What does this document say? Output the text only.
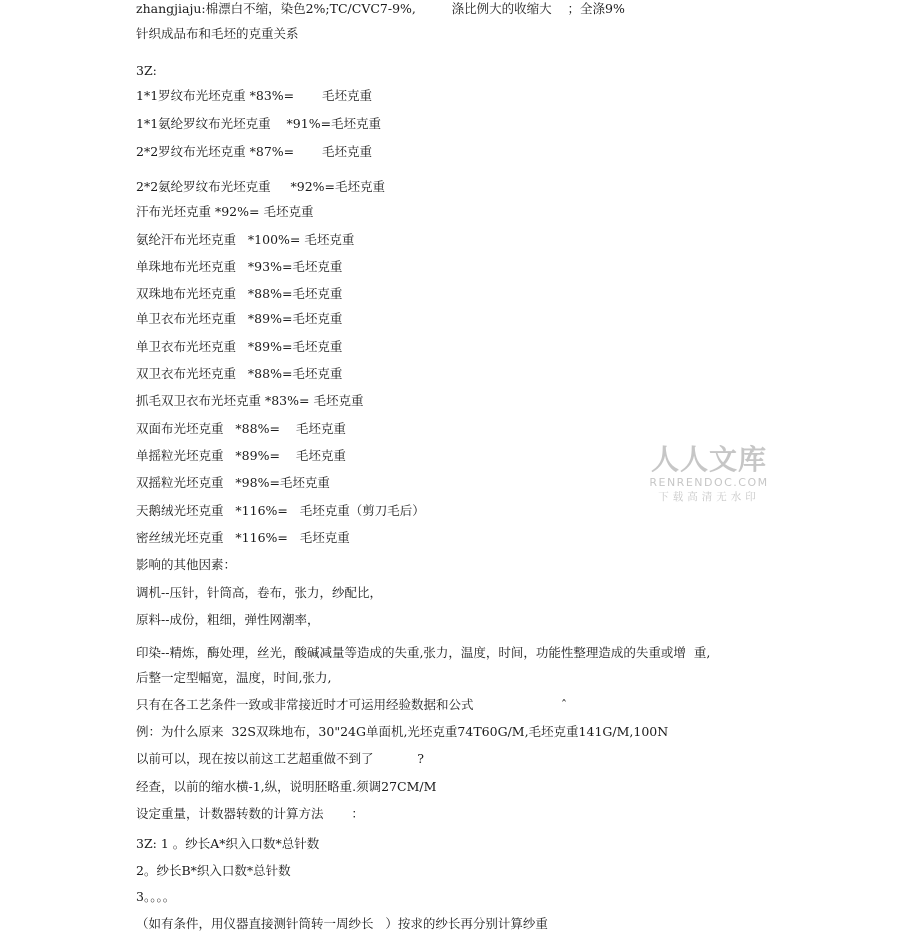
zhangjiaju:棉漂白不缩，染色2%;TC/CVC7-9%,         涤比例大的收缩大    ；全涤9%
针织成品布和毛坯的克重关系
3Z:
1*1罗纹布光坯克重 *83%=       毛坯克重
1*1氨纶罗纹布光坯克重    *91%=毛坯克重
2*2罗纹布光坯克重 *87%=       毛坯克重
2*2氨纶罗纹布光坯克重     *92%=毛坯克重
汗布光坯克重 *92%= 毛坯克重
氨纶汗布光坯克重   *100%= 毛坯克重
单珠地布光坯克重   *93%=毛坯克重
双珠地布光坯克重   *88%=毛坯克重
单卫衣布光坯克重   *89%=毛坯克重
单卫衣布光坯克重   *89%=毛坯克重
双卫衣布光坯克重   *88%=毛坯克重
抓毛双卫衣布光坯克重 *83%= 毛坯克重
双面布光坯克重   *88%=    毛坯克重
单摇粒光坯克重   *89%=    毛坯克重
双摇粒光坯克重   *98%=毛坯克重
天鹅绒光坯克重   *116%=   毛坯克重（剪刀毛后）
密丝绒光坯克重   *116%=   毛坯克重
影响的其他因素：
调机--压针，针筒高，卷布，张力，纱配比，
原料--成份，粗细，弹性网潮率，
印染--精炼，酶处理，丝光，酸碱减量等造成的失重,张力，温度，时间，功能性整理造成的失重或增  重,
后整一定型幅宽，温度，时间,张力,
只有在各工艺条件一致或非常接近时才可运用经验数据和公式                      ˆ
例：为什么原来  32S双珠地布，30"24G单面机,光坯克重74T60G/M,毛坯克重141G/M,100N
以前可以，现在按以前这工艺超重做不到了           ?
经查，以前的缩水横-1,纵，说明胚略重.须调27CM/M
设定重量，计数器转数的计算方法       ：
3Z: 1 。纱长A*织入口数*总针数
2。纱长B*织入口数*总针数
3。。。。
（如有条件，用仪器直接测针筒转一周纱长   ）按求的纱长再分别计算纱重
人人文库
RENRENDOC.COM
下载高清无水印
